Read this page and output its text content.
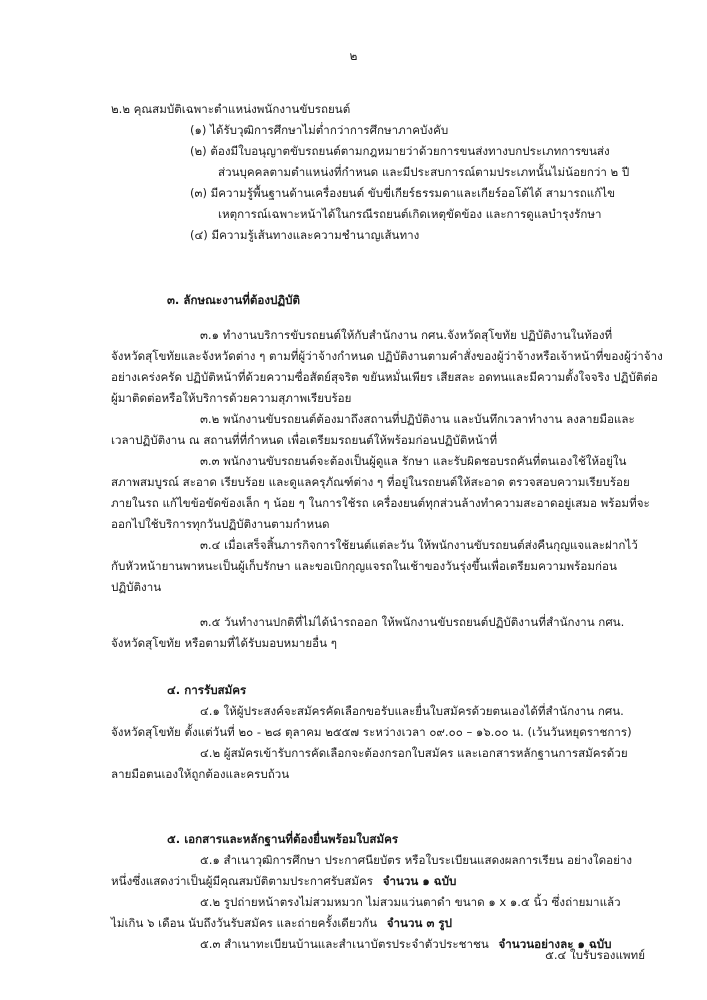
๒
๒.๒ คุณสมบัติเฉพาะตำแหน่งพนักงานขับรถยนต์
(๑) ได้รับวุฒิการศึกษาไม่ต่ำกว่าการศึกษาภาคบังคับ
(๒) ต้องมีใบอนุญาตขับรถยนต์ตามกฎหมายว่าด้วยการขนส่งทางบกประเภทการขนส่ง
ส่วนบุคคลตามตำแหน่งที่กำหนด และมีประสบการณ์ตามประเภทนั้นไม่น้อยกว่า ๒ ปี
(๓) มีความรู้พื้นฐานด้านเครื่องยนต์ ขับขี่เกียร์ธรรมดาและเกียร์ออโต้ได้ สามารถแก้ไข
เหตุการณ์เฉพาะหน้าได้ในกรณีรถยนต์เกิดเหตุขัดข้อง และการดูแลบำรุงรักษา
(๔) มีความรู้เส้นทางและความชำนาญเส้นทาง
๓. ลักษณะงานที่ต้องปฏิบัติ
๓.๑ ทำงานบริการขับรถยนต์ให้กับสำนักงาน กศน.จังหวัดสุโขทัย ปฏิบัติงานในท้องที่
จังหวัดสุโขทัยและจังหวัดต่าง ๆ ตามที่ผู้ว่าจ้างกำหนด ปฏิบัติงานตามคำสั่งของผู้ว่าจ้างหรือเจ้าหน้าที่ของผู้ว่าจ้าง
อย่างเคร่งครัด ปฏิบัติหน้าที่ด้วยความซื่อสัตย์สุจริต ขยันหมั่นเพียร เสียสละ อดทนและมีความตั้งใจจริง ปฏิบัติต่อ
ผู้มาติดต่อหรือให้บริการด้วยความสุภาพเรียบร้อย
๓.๒ พนักงานขับรถยนต์ต้องมาถึงสถานที่ปฏิบัติงาน และบันทึกเวลาทำงาน ลงลายมือและ
เวลาปฏิบัติงาน ณ สถานที่ที่กำหนด เพื่อเตรียมรถยนต์ให้พร้อมก่อนปฏิบัติหน้าที่
๓.๓ พนักงานขับรถยนต์จะต้องเป็นผู้ดูแล รักษา และรับผิดชอบรถคันที่ตนเองใช้ให้อยู่ใน
สภาพสมบูรณ์ สะอาด เรียบร้อย และดูแลครุภัณฑ์ต่าง ๆ ที่อยู่ในรถยนต์ให้สะอาด ตรวจสอบความเรียบร้อย
ภายในรถ แก้ไขข้อขัดข้องเล็ก ๆ น้อย ๆ ในการใช้รถ เครื่องยนต์ทุกส่วนล้างทำความสะอาดอยู่เสมอ พร้อมที่จะ
ออกไปใช้บริการทุกวันปฏิบัติงานตามกำหนด
๓.๔ เมื่อเสร็จสิ้นภารกิจการใช้ยนต์แต่ละวัน ให้พนักงานขับรถยนต์ส่งคืนกุญแจและฝากไว้
กับหัวหน้ายานพาหนะเป็นผู้เก็บรักษา และขอเบิกกุญแจรถในเช้าของวันรุ่งขึ้นเพื่อเตรียมความพร้อมก่อน
ปฏิบัติงาน
๓.๕ วันทำงานปกติที่ไม่ได้นำรถออก ให้พนักงานขับรถยนต์ปฏิบัติงานที่สำนักงาน กศน.
จังหวัดสุโขทัย หรือตามที่ได้รับมอบหมายอื่น ๆ
๔. การรับสมัคร
๔.๑ ให้ผู้ประสงค์จะสมัครคัดเลือกขอรับและยื่นใบสมัครด้วยตนเองได้ที่สำนักงาน กศน.
จังหวัดสุโขทัย ตั้งแต่วันที่ ๒๐ - ๒๘ ตุลาคม ๒๕๕๗ ระหว่างเวลา ๐๙.๐๐ – ๑๖.๐๐ น. (เว้นวันหยุดราชการ)
๔.๒ ผู้สมัครเข้ารับการคัดเลือกจะต้องกรอกใบสมัคร และเอกสารหลักฐานการสมัครด้วย
ลายมือตนเองให้ถูกต้องและครบถ้วน
๕. เอกสารและหลักฐานที่ต้องยื่นพร้อมใบสมัคร
๕.๑ สำเนาวุฒิการศึกษา ประกาศนียบัตร หรือใบระเบียนแสดงผลการเรียน อย่างใดอย่าง
หนึ่งซึ่งแสดงว่าเป็นผู้มีคุณสมบัติตามประกาศรับสมัคร จำนวน ๑ ฉบับ
๕.๒ รูปถ่ายหน้าตรงไม่สวมหมวก ไม่สวมแว่นตาดำ ขนาด ๑ x ๑.๕ นิ้ว ซึ่งถ่ายมาแล้ว
ไม่เกิน ๖ เดือน นับถึงวันรับสมัคร และถ่ายครั้งเดียวกัน จำนวน ๓ รูป
๕.๓ สำเนาทะเบียนบ้านและสำเนาบัตรประจำตัวประชาชน จำนวนอย่างละ ๑ ฉบับ
๕.๔ ใบรับรองแพทย์
